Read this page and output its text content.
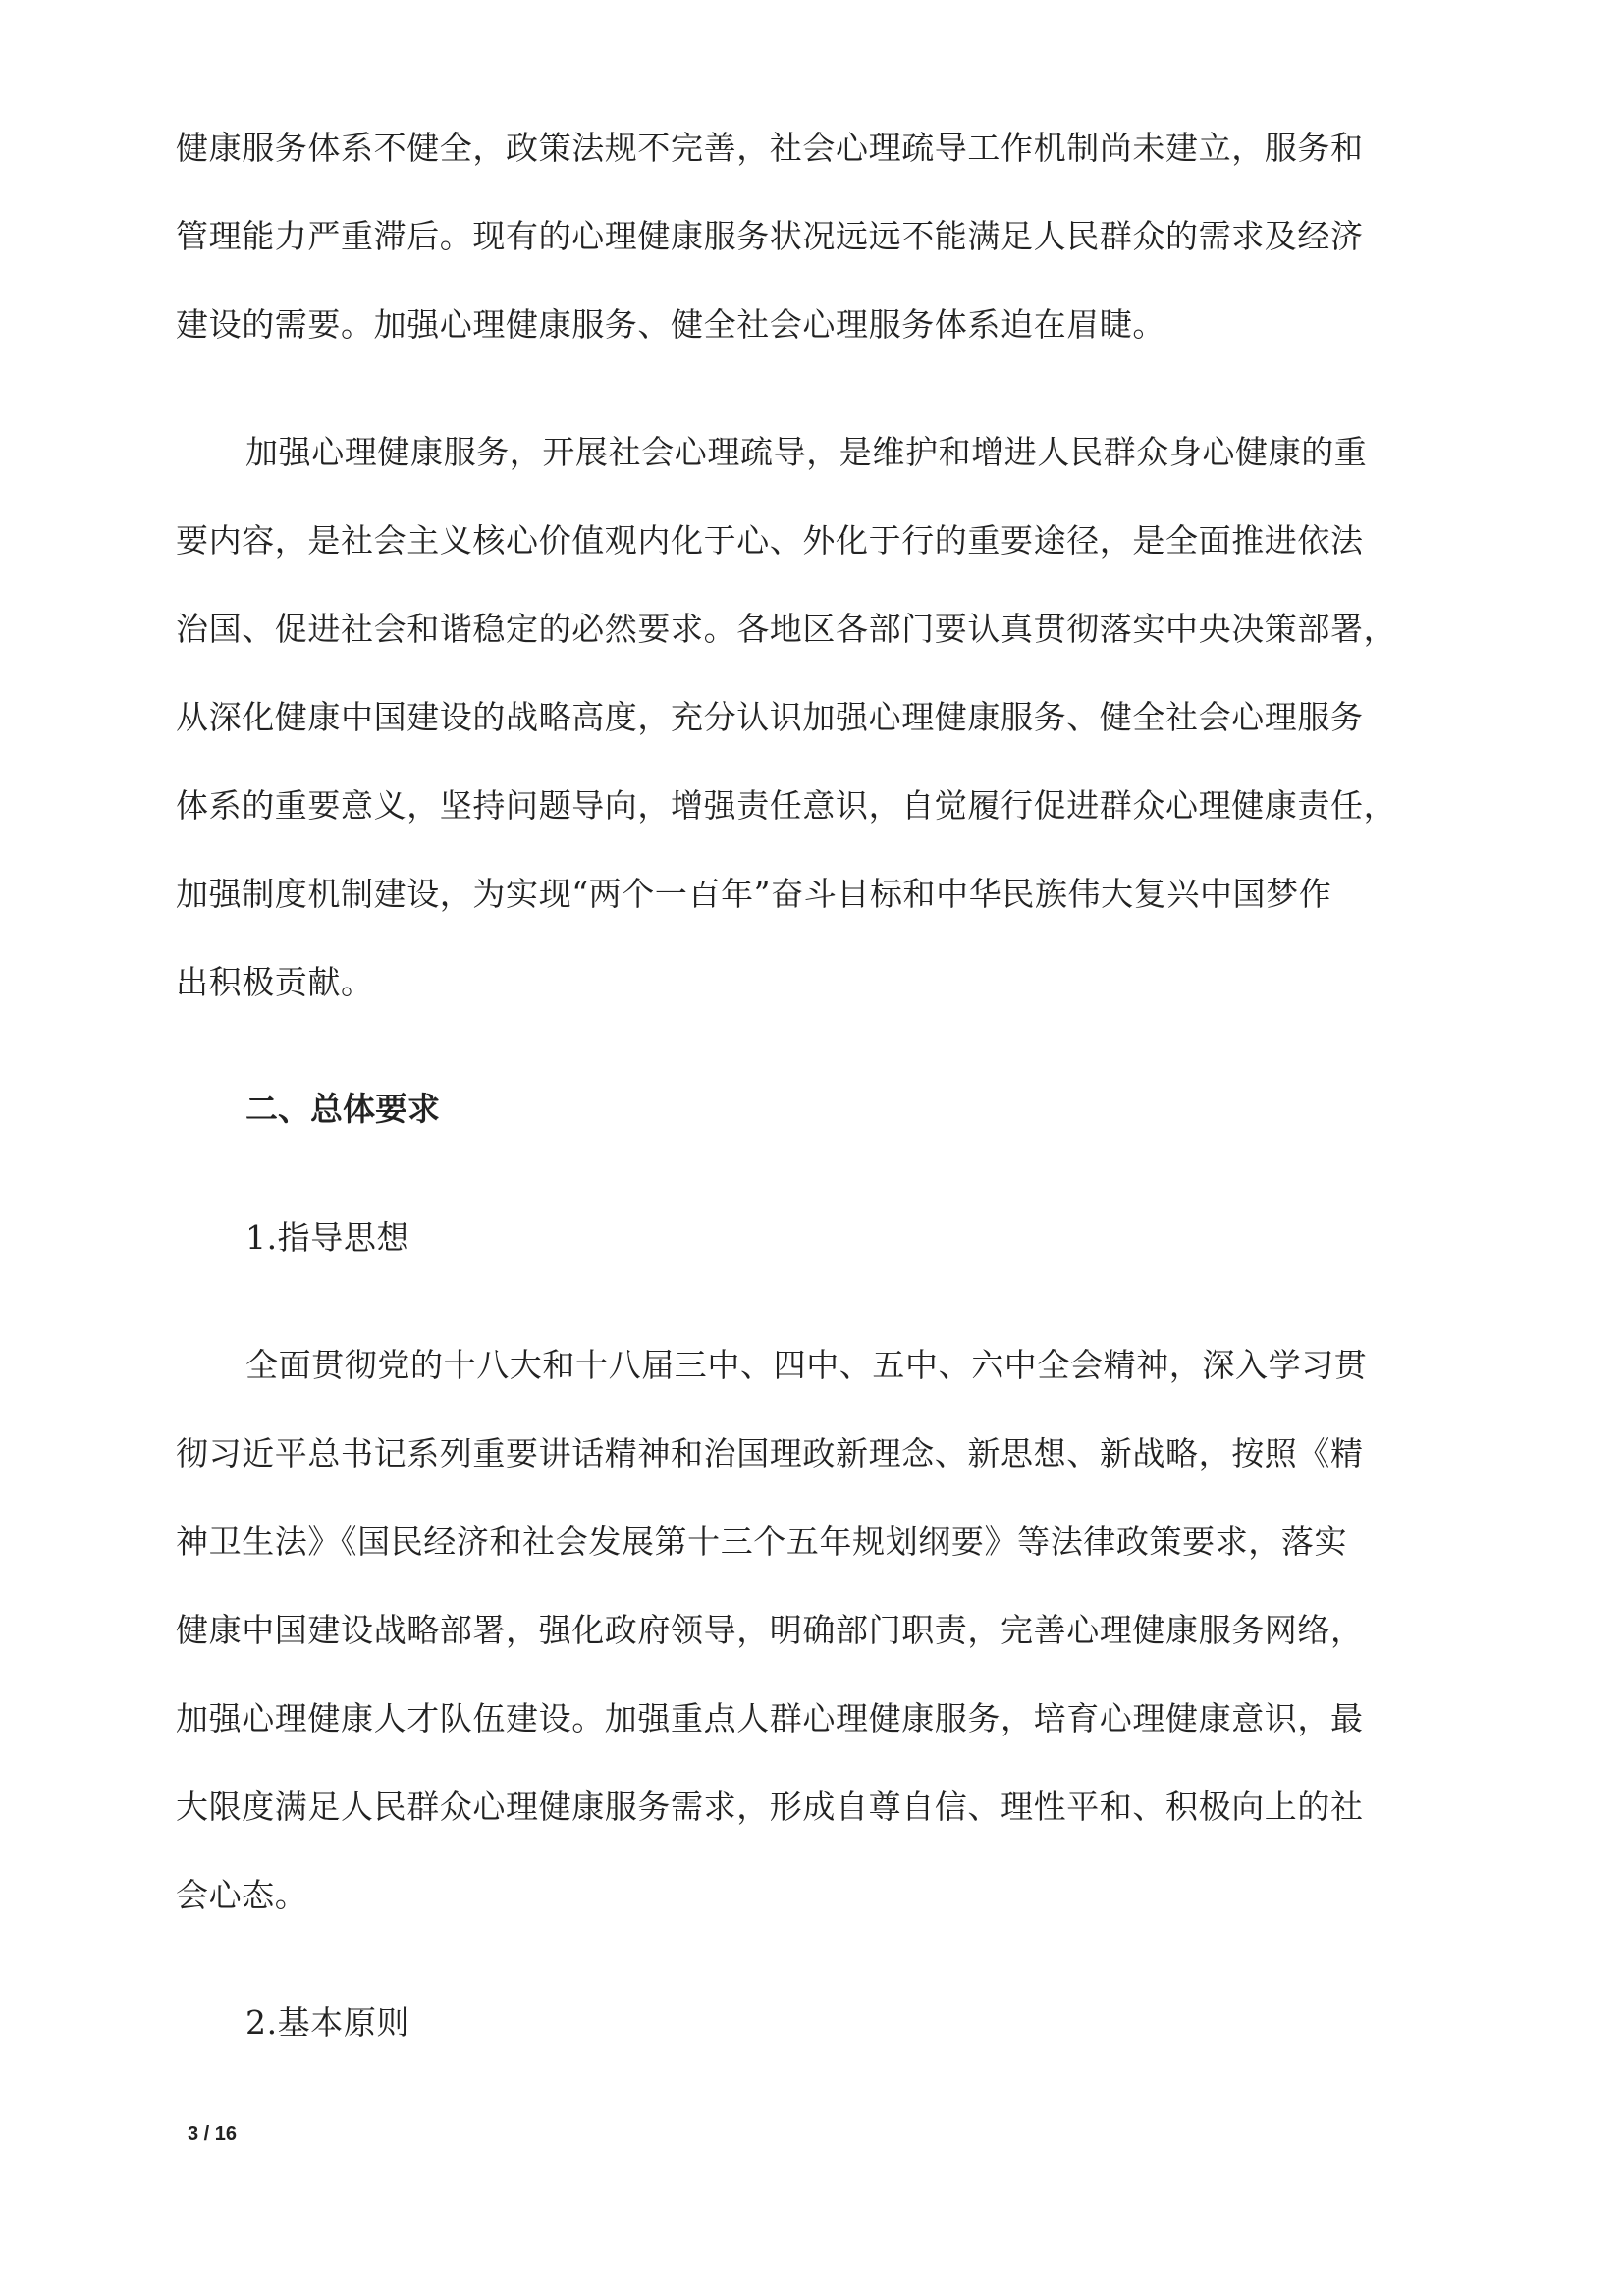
健康服务体系不健全，政策法规不完善，社会心理疏导工作机制尚未建立，服务和
管理能力严重滞后。现有的心理健康服务状况远远不能满足人民群众的需求及经济
建设的需要。加强心理健康服务、健全社会心理服务体系迫在眉睫。
加强心理健康服务，开展社会心理疏导，是维护和增进人民群众身心健康的重
要内容，是社会主义核心价值观内化于心、外化于行的重要途径，是全面推进依法
治国、促进社会和谐稳定的必然要求。各地区各部门要认真贯彻落实中央决策部署，
从深化健康中国建设的战略高度，充分认识加强心理健康服务、健全社会心理服务
体系的重要意义，坚持问题导向，增强责任意识，自觉履行促进群众心理健康责任，
加强制度机制建设，为实现“两个一百年”奋斗目标和中华民族伟大复兴中国梦作
出积极贡献。
二、总体要求
1.指导思想
全面贯彻党的十八大和十八届三中、四中、五中、六中全会精神，深入学习贯
彻习近平总书记系列重要讲话精神和治国理政新理念、新思想、新战略，按照《精
神卫生法》《国民经济和社会发展第十三个五年规划纲要》等法律政策要求，落实
健康中国建设战略部署，强化政府领导，明确部门职责，完善心理健康服务网络，
加强心理健康人才队伍建设。加强重点人群心理健康服务，培育心理健康意识，最
大限度满足人民群众心理健康服务需求，形成自尊自信、理性平和、积极向上的社
会心态。
2.基本原则
3 / 16
